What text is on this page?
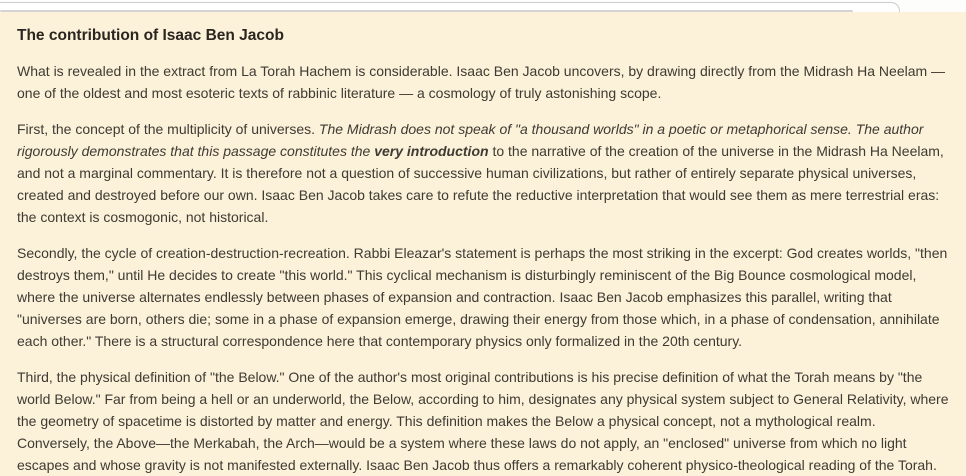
The contribution of Isaac Ben Jacob

What is revealed in the extract from La Torah Hachem is considerable. Isaac Ben Jacob uncovers, by drawing directly from the Midrash Ha Neelam — one of the oldest and most esoteric texts of rabbinic literature — a cosmology of truly astonishing scope.

First, the concept of the multiplicity of universes. The Midrash does not speak of "a thousand worlds" in a poetic or metaphorical sense. The author rigorously demonstrates that this passage constitutes the very introduction to the narrative of the creation of the universe in the Midrash Ha Neelam, and not a marginal commentary. It is therefore not a question of successive human civilizations, but rather of entirely separate physical universes, created and destroyed before our own. Isaac Ben Jacob takes care to refute the reductive interpretation that would see them as mere terrestrial eras: the context is cosmogonic, not historical.

Secondly, the cycle of creation-destruction-recreation. Rabbi Eleazar's statement is perhaps the most striking in the excerpt: God creates worlds, "then destroys them," until He decides to create "this world." This cyclical mechanism is disturbingly reminiscent of the Big Bounce cosmological model, where the universe alternates endlessly between phases of expansion and contraction. Isaac Ben Jacob emphasizes this parallel, writing that "universes are born, others die; some in a phase of expansion emerge, drawing their energy from those which, in a phase of condensation, annihilate each other." There is a structural correspondence here that contemporary physics only formalized in the 20th century.

Third, the physical definition of "the Below." One of the author's most original contributions is his precise definition of what the Torah means by "the world Below." Far from being a hell or an underworld, the Below, according to him, designates any physical system subject to General Relativity, where the geometry of spacetime is distorted by matter and energy. This definition makes the Below a physical concept, not a mythological realm. Conversely, the Above—the Merkabah, the Arch—would be a system where these laws do not apply, an "enclosed" universe from which no light escapes and whose gravity is not manifested externally. Isaac Ben Jacob thus offers a remarkably coherent physico-theological reading of the Torah.
